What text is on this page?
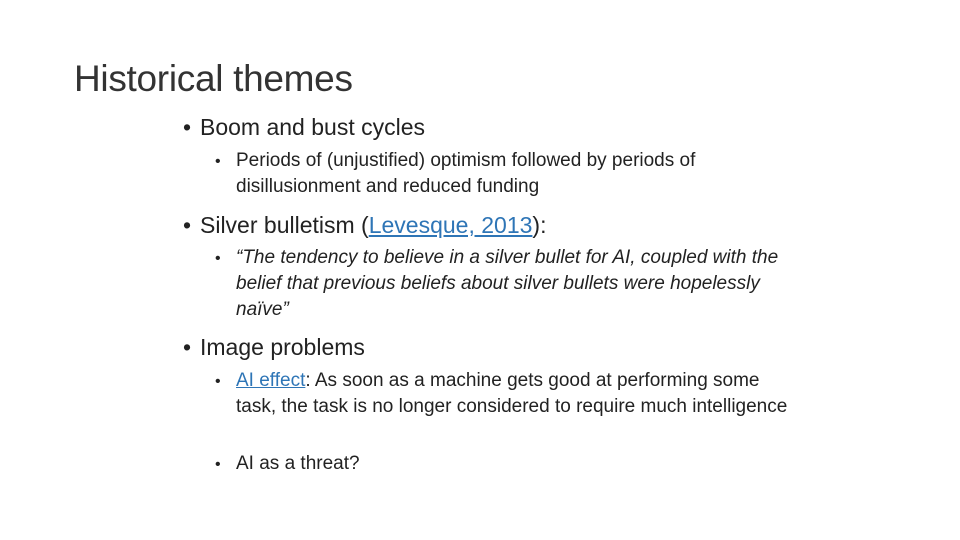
Historical themes
• Boom and bust cycles
• Periods of (unjustified) optimism followed by periods of disillusionment and reduced funding
• Silver bulletism (Levesque, 2013):
• “The tendency to believe in a silver bullet for AI, coupled with the belief that previous beliefs about silver bullets were hopelessly naïve”
• Image problems
• AI effect: As soon as a machine gets good at performing some task, the task is no longer considered to require much intelligence
• AI as a threat?
